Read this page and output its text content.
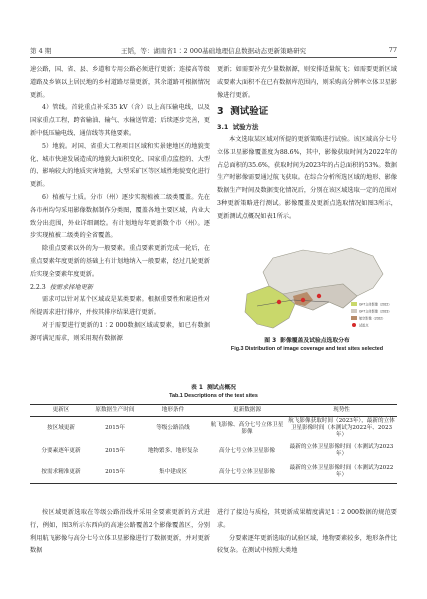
第 4 期	王韬，等：湖南省1∶2 000基础地理信息数据动态更新策略研究	77

速公路，国、省、县、乡道和专用公路必须进行更新；连接高等级道路及乡镇以上居民地的乡村道路尽量更新，其余道路可根据情况更新。

4）管线。首轮重点补采35 kV（含）以上高压输电线，以及国家重点工程，跨省输油、输气、水输送管道；后续逐步完善，更新中低压输电线、通信线等其他要素。

5）地貌。对国、省重大工程项目区域和实景建地区的地貌变化、城市快速发展造成的地貌大面积变化、国家重点监控的、大型的、影响较大的地质灾害地貌，大型采矿区等区域性地貌变化进行更新。

6）植被与土质。分市（州）逐步实现植被二级类覆盖。先在各市州均匀采用影像数据制作分类图，覆盖各地主要区域，内业大致分出范围，外业详细调绘。有计划地每年更新数个市（州）。逐步实现植被二级类的全省覆盖。

除重点要素以外的为一般要素。重点要素更新完成一轮后，在重点要素年度更新的基础上有计划地纳入一般要素，经过几轮更新后实现全要素年度更新。

2.2.3 按需求择地更新

需求可以针对某个区域或是某类要素。根据重要性和紧迫性对所提需求进行排序，并按其排序结果进行更新。

对于需要进行更新的1∶2 000数据区域或要素，如已有数据源可满足需求，则采用现有数据源

更新；如需要补充少量数据源，则安排适量航飞；如需要更新区域或要素大面积不在已有数据库范围内，则采购高分辨率立体卫星影像进行更新。

3 测试验证

3.1 试验方法

本文选取某区域对所提的更新策略进行试验。该区域高分七号立体卫星影像覆盖度为88.6%，其中，影像获取时间为2022年的占总面积的35.6%，获取时间为2023年的占总面积的53%。数据生产时影像需要通过航飞获取。在综合分析所选区域的地形、影像数据生产时间及数据变化情况后，分别在该区域选取一定的范围对3种更新策略进行测试。影像覆盖及更新点选取情况如图3所示，更新测试点概况如表1所示。

GF7立体影像（2022）
GF7立体影像（2023）
航空影像（2022）
试验点
图 3 影像覆盖及试验点选取分布
Fig.3 Distribution of image coverage and test sites selected
表 1 测试点概况
Tab.1 Descriptions of the test sites
更新区	原数据生产时间	地形条件	更新数据源	现势性
按区域更新	2015年	等级公路沿线	航飞影像、高分七号立体卫星影像	航飞影像获取时间（2023年），最新的立体卫星影像时间（本测试为2022年、2023年）
分要素逐年更新	2015年	地物繁多、地形复杂	高分七号立体卫星影像	最新的立体卫星影像时间（本测试为2023年）
按需求精准更新	2015年	集中建成区	高分七号立体卫星影像	最新的立体卫星影像时间（本测试为2022年）

按区域更新选取在等级公路沿线并采用全要素更新的方式进行，例如，图3所示东西向的高速公路覆盖2个影像覆盖区，分别利用航飞影像与高分七号立体卫星影像进行了数据更新，并对更新数据

进行了接边与质检，其更新成果精度满足1∶2 000数据的规范要求。

分要素逐年更新选取的试验区域，地物要素较多，地形条件比较复杂。在测试中按照大类地
